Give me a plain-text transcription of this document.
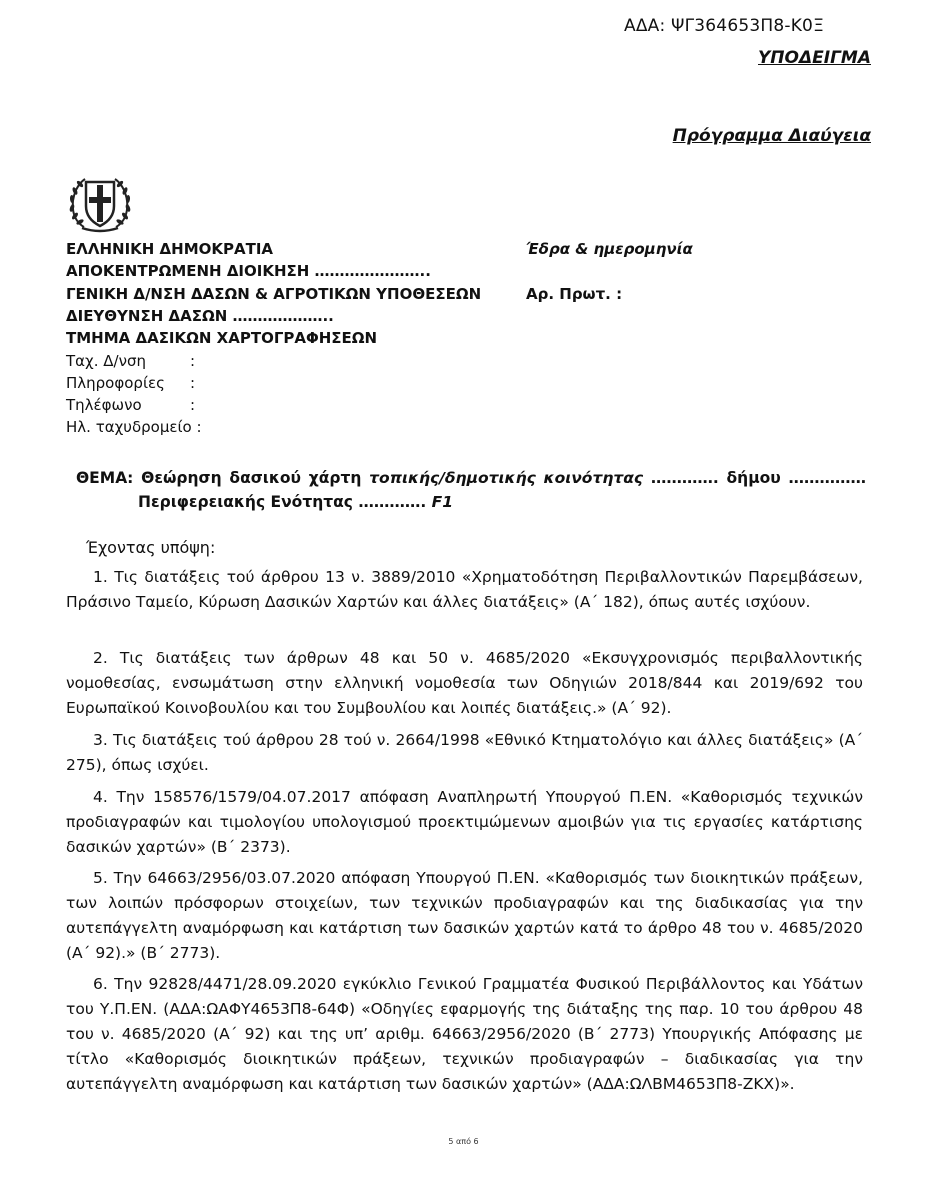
ΑΔΑ: ΨΓ364653Π8-Κ0Ξ
ΥΠΟΔΕΙΓΜΑ
Πρόγραμμα Διαύγεια
ΕΛΛΗΝΙΚΗ ΔΗΜΟΚΡΑΤΙΑ
ΑΠΟΚΕΝΤΡΩΜΕΝΗ ΔΙΟΙΚΗΣΗ …………………..
ΓΕΝΙΚΗ Δ/ΝΣΗ ΔΑΣΩΝ & ΑΓΡΟΤΙΚΩΝ ΥΠΟΘΕΣΕΩΝ
ΔΙΕΥΘΥΝΣΗ ΔΑΣΩΝ ………………..
ΤΜΗΜΑ ΔΑΣΙΚΩΝ ΧΑΡΤΟΓΡΑΦΗΣΕΩΝ
Έδρα & ημερομηνία
Αρ. Πρωτ. :
Ταχ. Δ/νση	:
Πληροφορίες :
Τηλέφωνο	:
Ηλ. ταχυδρομείο :
ΘΕΜΑ: Θεώρηση δασικού χάρτη τοπικής/δημοτικής κοινότητας …………. δήμου ……………
Περιφερειακής Ενότητας …………. F1
Έχοντας υπόψη:

1. Τις διατάξεις τού άρθρου 13 ν. 3889/2010 «Χρηματοδότηση Περιβαλλοντικών Παρεμβάσεων, Πράσινο Ταμείο, Κύρωση Δασικών Χαρτών και άλλες διατάξεις» (Α΄ 182), όπως αυτές ισχύουν.

2. Τις διατάξεις των άρθρων 48 και 50 ν. 4685/2020 «Εκσυγχρονισμός περιβαλλοντικής νομοθεσίας, ενσωμάτωση στην ελληνική νομοθεσία των Οδηγιών 2018/844 και 2019/692 του Ευρωπαϊκού Κοινοβουλίου και του Συμβουλίου και λοιπές διατάξεις.» (Α΄ 92).

3. Τις διατάξεις τού άρθρου 28 τού ν. 2664/1998 «Εθνικό Κτηματολόγιο και άλλες διατάξεις» (Α΄ 275), όπως ισχύει.

4. Την 158576/1579/04.07.2017 απόφαση Αναπληρωτή Υπουργού Π.ΕΝ. «Καθορισμός τεχνικών προδιαγραφών και τιμολογίου υπολογισμού προεκτιμώμενων αμοιβών για τις εργασίες κατάρτισης δασικών χαρτών» (Β΄ 2373).

5. Την 64663/2956/03.07.2020 απόφαση Υπουργού Π.ΕΝ. «Καθορισμός των διοικητικών πράξεων, των λοιπών πρόσφορων στοιχείων, των τεχνικών προδιαγραφών και της διαδικασίας για την αυτεπάγγελτη αναμόρφωση και κατάρτιση των δασικών χαρτών κατά το άρθρο 48 του ν. 4685/2020 (Α΄ 92).» (Β΄ 2773).

6. Την 92828/4471/28.09.2020 εγκύκλιο Γενικού Γραμματέα Φυσικού Περιβάλλοντος και Υδάτων του Υ.Π.ΕΝ. (ΑΔΑ:ΩΑΦΥ4653Π8-64Φ) «Οδηγίες εφαρμογής της διάταξης της παρ. 10 του άρθρου 48 του ν. 4685/2020 (Α΄ 92) και της υπ’ αριθμ. 64663/2956/2020 (Β΄ 2773) Υπουργικής Απόφασης με τίτλο «Καθορισμός διοικητικών πράξεων, τεχνικών προδιαγραφών – διαδικασίας για την αυτεπάγγελτη αναμόρφωση και κατάρτιση των δασικών χαρτών» (ΑΔΑ:ΩΛΒΜ4653Π8-ΖΚΧ)».

5 από 6
